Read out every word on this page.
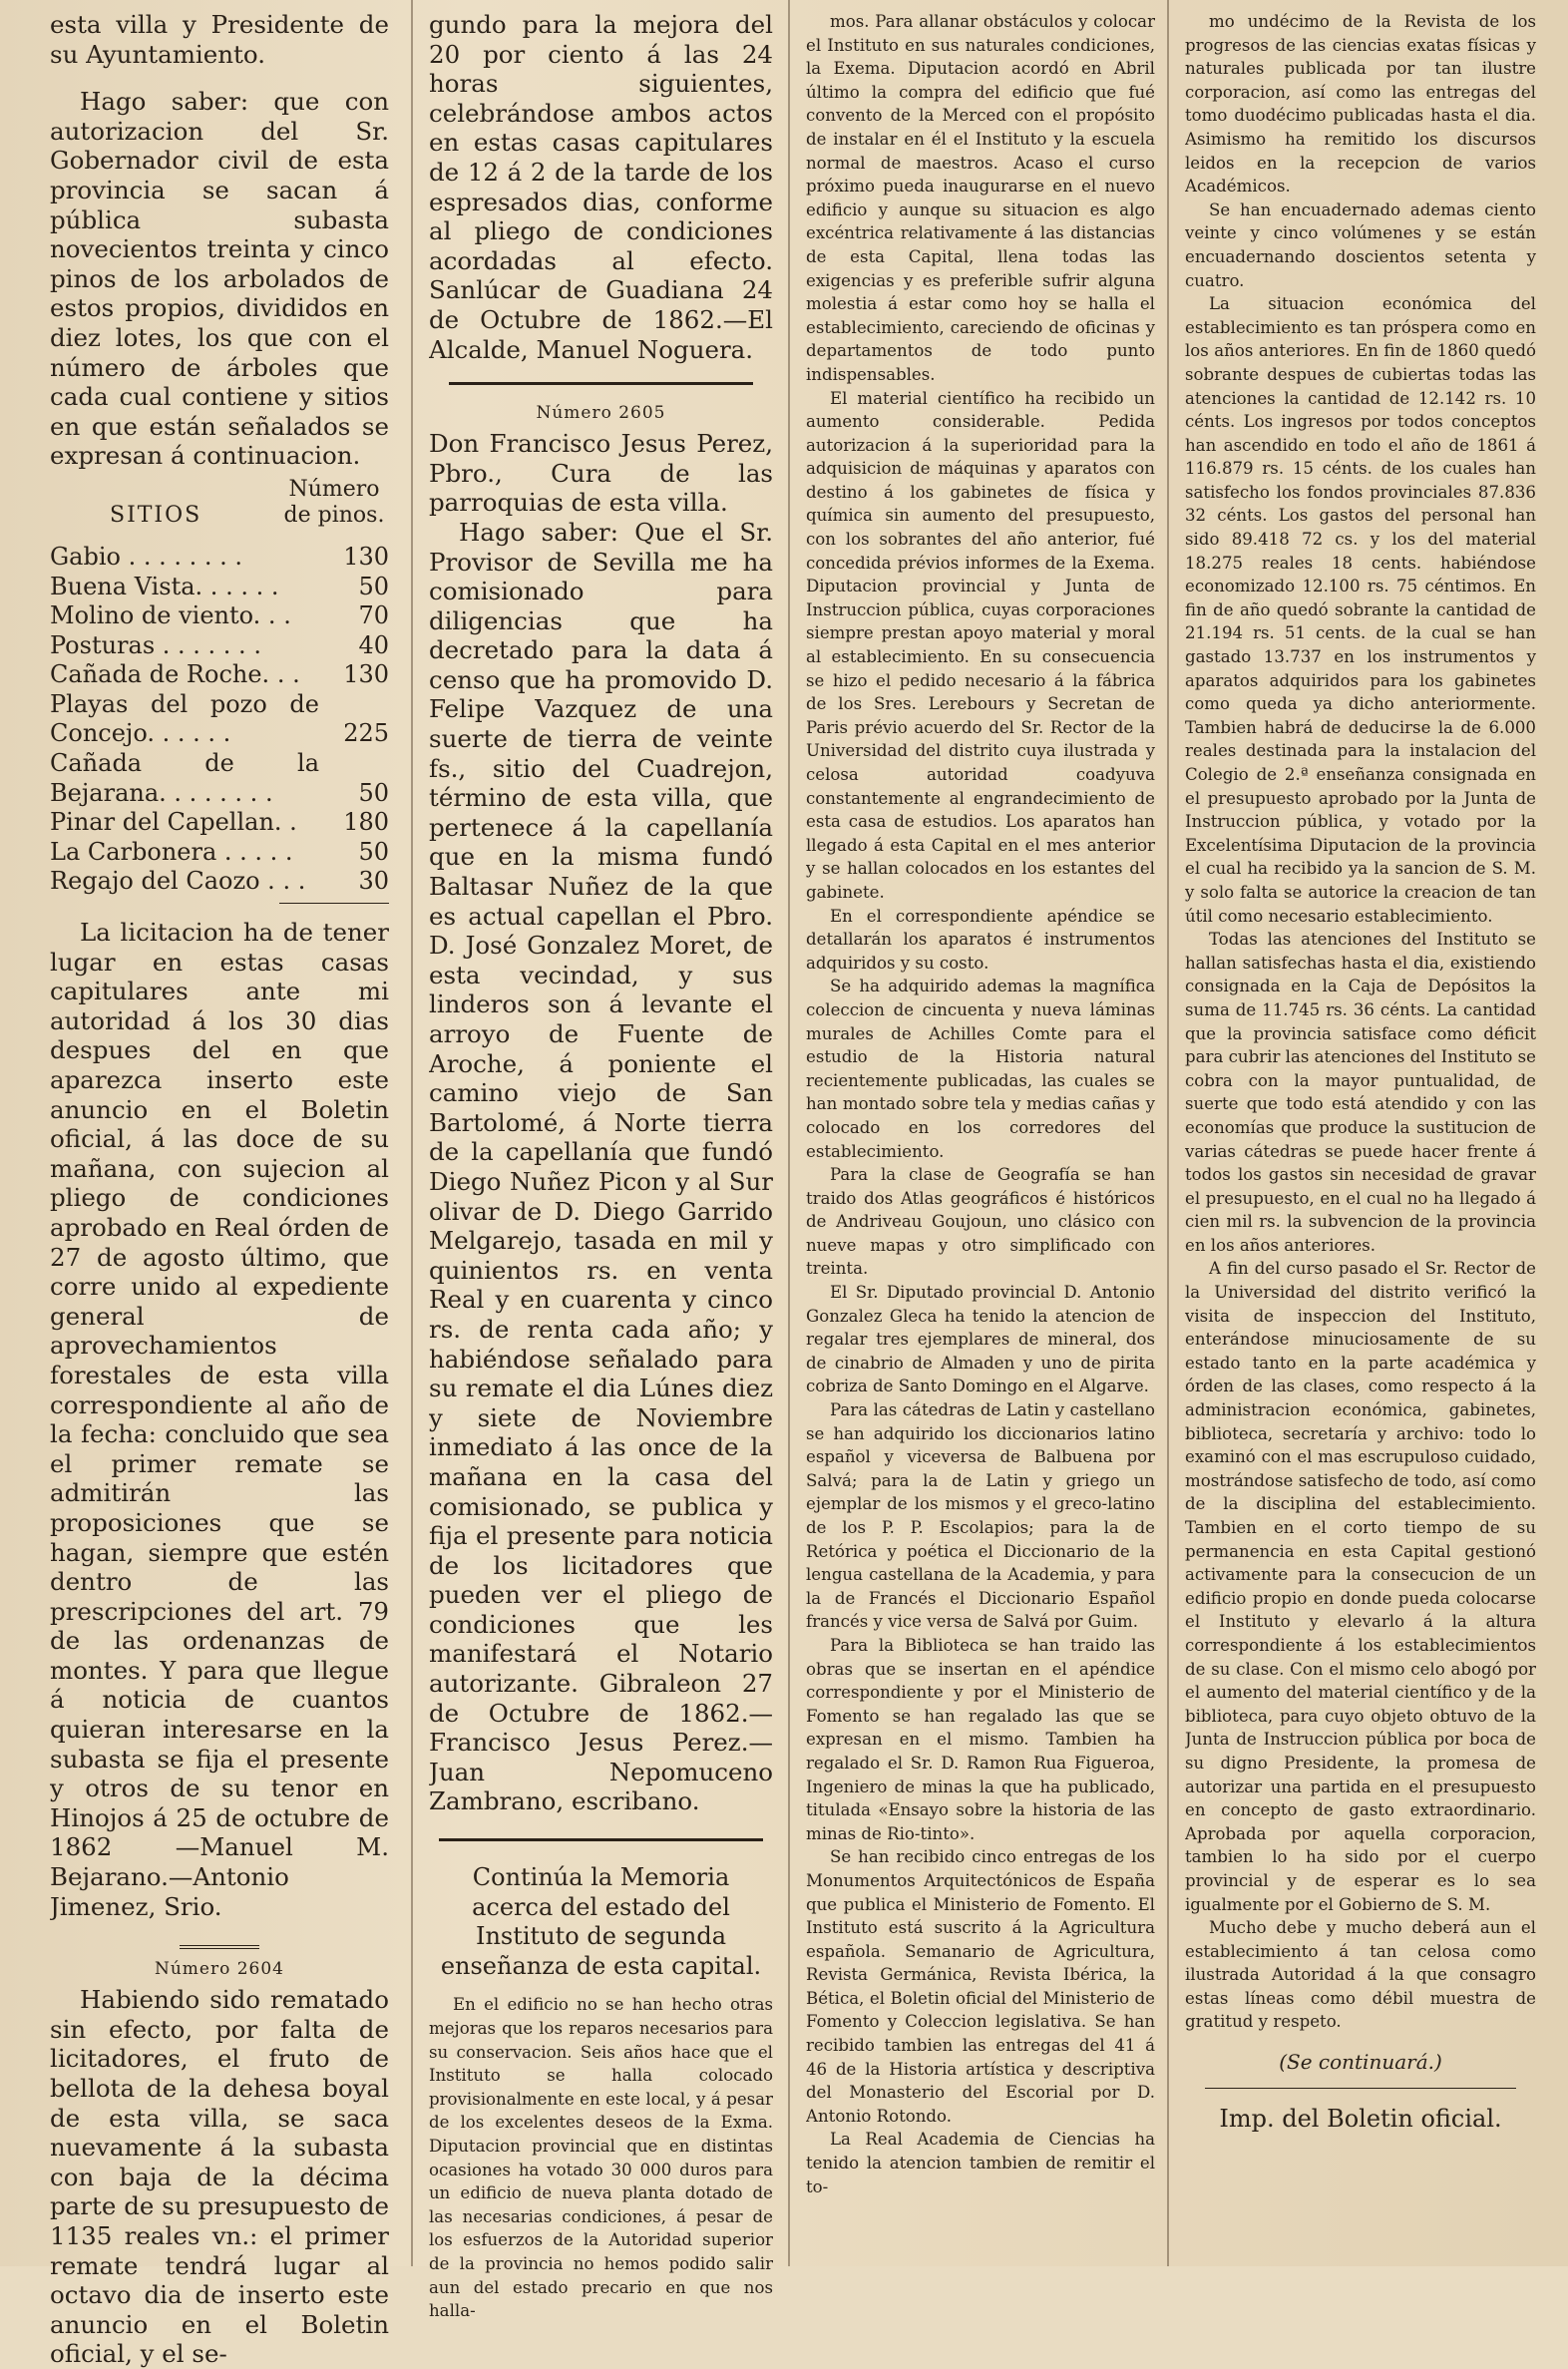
esta villa y Presidente de su Ayuntamiento.

Hago saber: que con autorizacion del Sr. Gobernador civil de esta provincia se sacan á pública subasta novecientos treinta y cinco pinos de los arbolados de estos propios, divididos en diez lotes, los que con el número de árboles que cada cual contiene y sitios en que están señalados se expresan á continuacion.

SITIOS
Número de pinos.
Gabio . . . . . . . .	130
Buena Vista. . . . . .	50
Molino de viento. . .	70
Posturas . . . . . . .	40
Cañada de Roche. . .	130
Playas del pozo de Concejo. . . . . .	225
Cañada de la Bejarana. . . . . . . .	50
Pinar del Capellan. .	180
La Carbonera . . . . .	50
Regajo del Caozo . . .	30

La licitacion ha de tener lugar en estas casas capitulares ante mi autoridad á los 30 dias despues del en que aparezca inserto este anuncio en el Boletin oficial, á las doce de su mañana, con sujecion al pliego de condiciones aprobado en Real órden de 27 de agosto último, que corre unido al expediente general de aprovechamientos forestales de esta villa correspondiente al año de la fecha: concluido que sea el primer remate se admitirán las proposiciones que se hagan, siempre que estén dentro de las prescripciones del art. 79 de las ordenanzas de montes. Y para que llegue á noticia de cuantos quieran interesarse en la subasta se fija el presente y otros de su tenor en Hinojos á 25 de octubre de 1862 —Manuel M. Bejarano.—Antonio Jimenez, Srio.

Número 2604

Habiendo sido rematado sin efecto, por falta de licitadores, el fruto de bellota de la dehesa boyal de esta villa, se saca nuevamente á la subasta con baja de la décima parte de su presupuesto de 1135 reales vn.: el primer remate tendrá lugar al octavo dia de inserto este anuncio en el Boletin oficial, y el se-

gundo para la mejora del 20 por ciento á las 24 horas siguientes, celebrándose ambos actos en estas casas capitulares de 12 á 2 de la tarde de los espresados dias, conforme al pliego de condiciones acordadas al efecto. Sanlúcar de Guadiana 24 de Octubre de 1862.—El Alcalde, Manuel Noguera.

Número 2605

Don Francisco Jesus Perez, Pbro., Cura de las parroquias de esta villa.

Hago saber: Que el Sr. Provisor de Sevilla me ha comisionado para diligencias que ha decretado para la data á censo que ha promovido D. Felipe Vazquez de una suerte de tierra de veinte fs., sitio del Cuadrejon, término de esta villa, que pertenece á la capellanía que en la misma fundó Baltasar Nuñez de la que es actual capellan el Pbro. D. José Gonzalez Moret, de esta vecindad, y sus linderos son á levante el arroyo de Fuente de Aroche, á poniente el camino viejo de San Bartolomé, á Norte tierra de la capellanía que fundó Diego Nuñez Picon y al Sur olivar de D. Diego Garrido Melgarejo, tasada en mil y quinientos rs. en venta Real y en cuarenta y cinco rs. de renta cada año; y habiéndose señalado para su remate el dia Lúnes diez y siete de Noviembre inmediato á las once de la mañana en la casa del comisionado, se publica y fija el presente para noticia de los licitadores que pueden ver el pliego de condiciones que les manifestará el Notario autorizante. Gibraleon 27 de Octubre de 1862.—Francisco Jesus Perez.—Juan Nepomuceno Zambrano, escribano.

Continúa la Memoria acerca del estado del Instituto de segunda enseñanza de esta capital.

En el edificio no se han hecho otras mejoras que los reparos necesarios para su conservacion. Seis años hace que el Instituto se halla colocado provisionalmente en este local, y á pesar de los excelentes deseos de la Exma. Diputacion provincial que en distintas ocasiones ha votado 30 000 duros para un edificio de nueva planta dotado de las necesarias condiciones, á pesar de los esfuerzos de la Autoridad superior de la provincia no hemos podido salir aun del estado precario en que nos halla-

mos. Para allanar obstáculos y colocar el Instituto en sus naturales condiciones, la Exema. Diputacion acordó en Abril último la compra del edificio que fué convento de la Merced con el propósito de instalar en él el Instituto y la escuela normal de maestros. Acaso el curso próximo pueda inaugurarse en el nuevo edificio y aunque su situacion es algo excéntrica relativamente á las distancias de esta Capital, llena todas las exigencias y es preferible sufrir alguna molestia á estar como hoy se halla el establecimiento, careciendo de oficinas y departamentos de todo punto indispensables.

El material científico ha recibido un aumento considerable. Pedida autorizacion á la superioridad para la adquisicion de máquinas y aparatos con destino á los gabinetes de física y química sin aumento del presupuesto, con los sobrantes del año anterior, fué concedida prévios informes de la Exema. Diputacion provincial y Junta de Instruccion pública, cuyas corporaciones siempre prestan apoyo material y moral al establecimiento. En su consecuencia se hizo el pedido necesario á la fábrica de los Sres. Lerebours y Secretan de Paris prévio acuerdo del Sr. Rector de la Universidad del distrito cuya ilustrada y celosa autoridad coadyuva constantemente al engrandecimiento de esta casa de estudios. Los aparatos han llegado á esta Capital en el mes anterior y se hallan colocados en los estantes del gabinete.

En el correspondiente apéndice se detallarán los aparatos é instrumentos adquiridos y su costo.

Se ha adquirido ademas la magnífica coleccion de cincuenta y nueva láminas murales de Achilles Comte para el estudio de la Historia natural recientemente publicadas, las cuales se han montado sobre tela y medias cañas y colocado en los corredores del establecimiento.

Para la clase de Geografía se han traido dos Atlas geográficos é históricos de Andriveau Goujoun, uno clásico con nueve mapas y otro simplificado con treinta.

El Sr. Diputado provincial D. Antonio Gonzalez Gleca ha tenido la atencion de regalar tres ejemplares de mineral, dos de cinabrio de Almaden y uno de pirita cobriza de Santo Domingo en el Algarve.

Para las cátedras de Latin y castellano se han adquirido los diccionarios latino español y viceversa de Balbuena por Salvá; para la de Latin y griego un ejemplar de los mismos y el greco-latino de los P. P. Escolapios; para la de Retórica y poética el Diccionario de la lengua castellana de la Academia, y para la de Francés el Diccionario Español francés y vice versa de Salvá por Guim.

Para la Biblioteca se han traido las obras que se insertan en el apéndice correspondiente y por el Ministerio de Fomento se han regalado las que se expresan en el mismo. Tambien ha regalado el Sr. D. Ramon Rua Figueroa, Ingeniero de minas la que ha publicado, titulada «Ensayo sobre la historia de las minas de Rio-tinto».

Se han recibido cinco entregas de los Monumentos Arquitectónicos de España que publica el Ministerio de Fomento. El Instituto está suscrito á la Agricultura española. Semanario de Agricultura, Revista Germánica, Revista Ibérica, la Bética, el Boletin oficial del Ministerio de Fomento y Coleccion legislativa. Se han recibido tambien las entregas del 41 á 46 de la Historia artística y descriptiva del Monasterio del Escorial por D. Antonio Rotondo.

La Real Academia de Ciencias ha tenido la atencion tambien de remitir el to-

mo undécimo de la Revista de los progresos de las ciencias exatas físicas y naturales publicada por tan ilustre corporacion, así como las entregas del tomo duodécimo publicadas hasta el dia. Asimismo ha remitido los discursos leidos en la recepcion de varios Académicos.

Se han encuadernado ademas ciento veinte y cinco volúmenes y se están encuadernando doscientos setenta y cuatro.

La situacion económica del establecimiento es tan próspera como en los años anteriores. En fin de 1860 quedó sobrante despues de cubiertas todas las atenciones la cantidad de 12.142 rs. 10 cénts. Los ingresos por todos conceptos han ascendido en todo el año de 1861 á 116.879 rs. 15 cénts. de los cuales han satisfecho los fondos provinciales 87.836 32 cénts. Los gastos del personal han sido 89.418 72 cs. y los del material 18.275 reales 18 cents. habiéndose economizado 12.100 rs. 75 céntimos. En fin de año quedó sobrante la cantidad de 21.194 rs. 51 cents. de la cual se han gastado 13.737 en los instrumentos y aparatos adquiridos para los gabinetes como queda ya dicho anteriormente. Tambien habrá de deducirse la de 6.000 reales destinada para la instalacion del Colegio de 2.ª enseñanza consignada en el presupuesto aprobado por la Junta de Instruccion pública, y votado por la Excelentísima Diputacion de la provincia el cual ha recibido ya la sancion de S. M. y solo falta se autorice la creacion de tan útil como necesario establecimiento.

Todas las atenciones del Instituto se hallan satisfechas hasta el dia, existiendo consignada en la Caja de Depósitos la suma de 11.745 rs. 36 cénts. La cantidad que la provincia satisface como déficit para cubrir las atenciones del Instituto se cobra con la mayor puntualidad, de suerte que todo está atendido y con las economías que produce la sustitucion de varias cátedras se puede hacer frente á todos los gastos sin necesidad de gravar el presupuesto, en el cual no ha llegado á cien mil rs. la subvencion de la provincia en los años anteriores.

A fin del curso pasado el Sr. Rector de la Universidad del distrito verificó la visita de inspeccion del Instituto, enterándose minuciosamente de su estado tanto en la parte académica y órden de las clases, como respecto á la administracion económica, gabinetes, biblioteca, secretaría y archivo: todo lo examinó con el mas escrupuloso cuidado, mostrándose satisfecho de todo, así como de la disciplina del establecimiento. Tambien en el corto tiempo de su permanencia en esta Capital gestionó activamente para la consecucion de un edificio propio en donde pueda colocarse el Instituto y elevarlo á la altura correspondiente á los establecimientos de su clase. Con el mismo celo abogó por el aumento del material científico y de la biblioteca, para cuyo objeto obtuvo de la Junta de Instruccion pública por boca de su digno Presidente, la promesa de autorizar una partida en el presupuesto en concepto de gasto extraordinario. Aprobada por aquella corporacion, tambien lo ha sido por el cuerpo provincial y de esperar es lo sea igualmente por el Gobierno de S. M.

Mucho debe y mucho deberá aun el establecimiento á tan celosa como ilustrada Autoridad á la que consagro estas líneas como débil muestra de gratitud y respeto.

(Se continuará.)
Imp. del Boletin oficial.
